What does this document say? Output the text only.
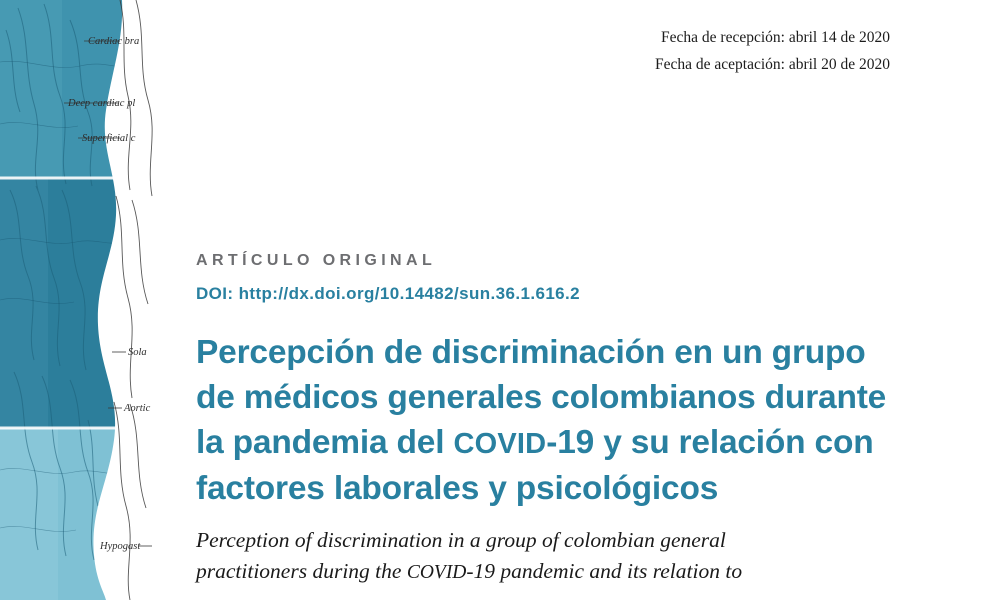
Cardiac bra
Deep cardiac pl
Superficial c
Sola
Aortic
Hypogast
Fecha de recepción: abril 14 de 2020
Fecha de aceptación: abril 20 de 2020
ARTÍCULO ORIGINAL
DOI: http://dx.doi.org/10.14482/sun.36.1.616.2
Percepción de discriminación en un grupo
de médicos generales colombianos durante
la pandemia del COVID-19 y su relación con
factores laborales y psicológicos

Perception of discrimination in a group of colombian general
practitioners during the COVID-19 pandemic and its relation to
